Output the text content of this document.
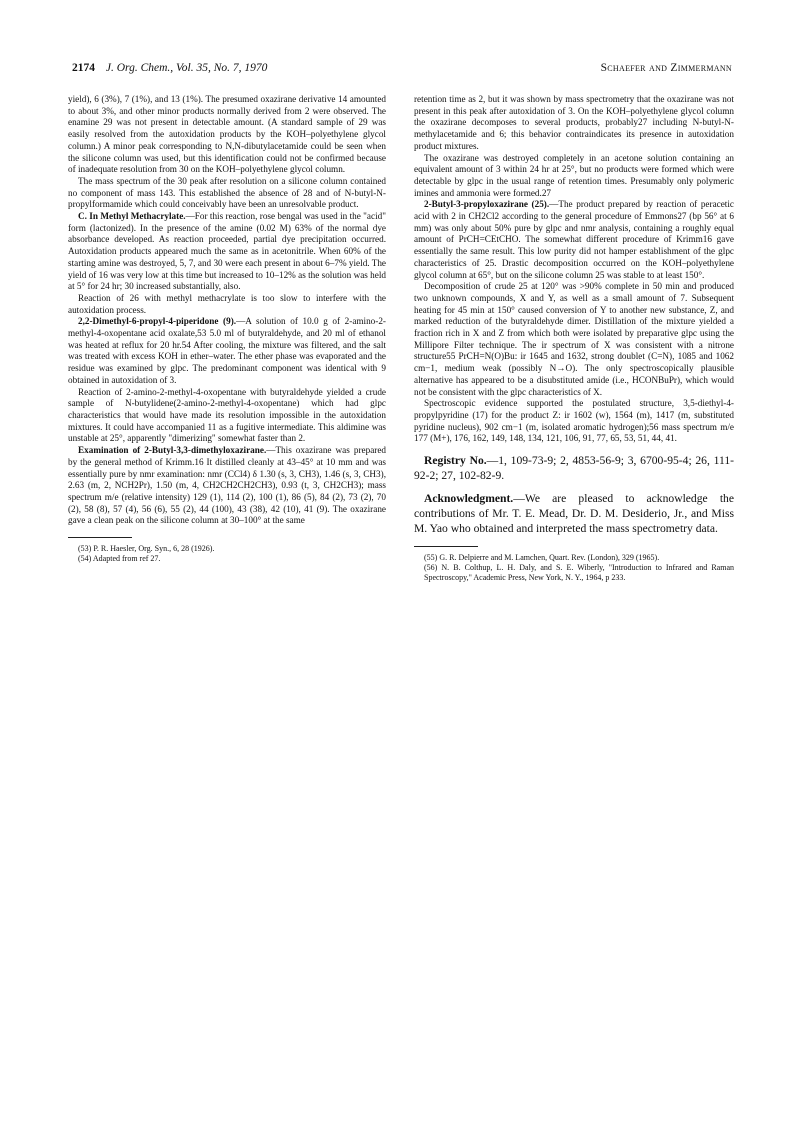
2174 J. Org. Chem., Vol. 35, No. 7, 1970	Schaefer and Zimmermann

yield), 6 (3%), 7 (1%), and 13 (1%). The presumed oxazirane derivative 14 amounted to about 3%, and other minor products normally derived from 2 were observed. The enamine 29 was not present in detectable amount. (A standard sample of 29 was easily resolved from the autoxidation products by the KOH–polyethylene glycol column.) A minor peak corresponding to N,N-dibutylacetamide could be seen when the silicone column was used, but this identification could not be confirmed because of inadequate resolution from 30 on the KOH–polyethylene glycol column.

The mass spectrum of the 30 peak after resolution on a silicone column contained no component of mass 143. This established the absence of 28 and of N-butyl-N-propylformamide which could conceivably have been an unresolvable product.

C. In Methyl Methacrylate.—For this reaction, rose bengal was used in the "acid" form (lactonized). In the presence of the amine (0.02 M) 63% of the normal dye absorbance developed. As reaction proceeded, partial dye precipitation occurred. Autoxidation products appeared much the same as in acetonitrile. When 60% of the starting amine was destroyed, 5, 7, and 30 were each present in about 6–7% yield. The yield of 16 was very low at this time but increased to 10–12% as the solution was held at 5° for 24 hr; 30 increased substantially, also.

Reaction of 26 with methyl methacrylate is too slow to interfere with the autoxidation process.

2,2-Dimethyl-6-propyl-4-piperidone (9).—A solution of 10.0 g of 2-amino-2-methyl-4-oxopentane acid oxalate,53 5.0 ml of butyraldehyde, and 20 ml of ethanol was heated at reflux for 20 hr.54 After cooling, the mixture was filtered, and the salt was treated with excess KOH in ether–water. The ether phase was evaporated and the residue was examined by glpc. The predominant component was identical with 9 obtained in autoxidation of 3.

Reaction of 2-amino-2-methyl-4-oxopentane with butyraldehyde yielded a crude sample of N-butylidene(2-amino-2-methyl-4-oxopentane) which had glpc characteristics that would have made its resolution impossible in the autoxidation mixtures. It could have accompanied 11 as a fugitive intermediate. This aldimine was unstable at 25°, apparently "dimerizing" somewhat faster than 2.

Examination of 2-Butyl-3,3-dimethyloxazirane.—This oxazirane was prepared by the general method of Krimm.16 It distilled cleanly at 43–45° at 10 mm and was essentially pure by nmr examination: nmr (CCl4) δ 1.30 (s, 3, CH3), 1.46 (s, 3, CH3), 2.63 (m, 2, NCH2Pr), 1.50 (m, 4, CH2CH2CH2CH3), 0.93 (t, 3, CH2CH3); mass spectrum m/e (relative intensity) 129 (1), 114 (2), 100 (1), 86 (5), 84 (2), 73 (2), 70 (2), 58 (8), 57 (4), 56 (6), 55 (2), 44 (100), 43 (38), 42 (10), 41 (9). The oxazirane gave a clean peak on the silicone column at 30–100° at the same

(53) P. R. Haesler, Org. Syn., 6, 28 (1926).

(54) Adapted from ref 27.

retention time as 2, but it was shown by mass spectrometry that the oxazirane was not present in this peak after autoxidation of 3. On the KOH–polyethylene glycol column the oxazirane decomposes to several products, probably27 including N-butyl-N-methylacetamide and 6; this behavior contraindicates its presence in autoxidation product mixtures.

The oxazirane was destroyed completely in an acetone solution containing an equivalent amount of 3 within 24 hr at 25°, but no products were formed which were detectable by glpc in the usual range of retention times. Presumably only polymeric imines and ammonia were formed.27

2-Butyl-3-propyloxazirane (25).—The product prepared by reaction of peracetic acid with 2 in CH2Cl2 according to the general procedure of Emmons27 (bp 56° at 6 mm) was only about 50% pure by glpc and nmr analysis, containing a roughly equal amount of PrCH=CEtCHO. The somewhat different procedure of Krimm16 gave essentially the same result. This low purity did not hamper establishment of the glpc characteristics of 25. Drastic decomposition occurred on the KOH–polyethylene glycol column at 65°, but on the silicone column 25 was stable to at least 150°.

Decomposition of crude 25 at 120° was >90% complete in 50 min and produced two unknown compounds, X and Y, as well as a small amount of 7. Subsequent heating for 45 min at 150° caused conversion of Y to another new substance, Z, and marked reduction of the butyraldehyde dimer. Distillation of the mixture yielded a fraction rich in X and Z from which both were isolated by preparative glpc using the Millipore Filter technique. The ir spectrum of X was consistent with a nitrone structure55 PrCH=N(O)Bu: ir 1645 and 1632, strong doublet (C=N), 1085 and 1062 cm−1, medium weak (possibly N→O). The only spectroscopically plausible alternative has appeared to be a disubstituted amide (i.e., HCONBuPr), which would not be consistent with the glpc characteristics of X.

Spectroscopic evidence supported the postulated structure, 3,5-diethyl-4-propylpyridine (17) for the product Z: ir 1602 (w), 1564 (m), 1417 (m, substituted pyridine nucleus), 902 cm−1 (m, isolated aromatic hydrogen);56 mass spectrum m/e 177 (M+), 176, 162, 149, 148, 134, 121, 106, 91, 77, 65, 53, 51, 44, 41.

Registry No.—1, 109-73-9; 2, 4853-56-9; 3, 6700-95-4; 26, 111-92-2; 27, 102-82-9.

Acknowledgment.—We are pleased to acknowledge the contributions of Mr. T. E. Mead, Dr. D. M. Desiderio, Jr., and Miss M. Yao who obtained and interpreted the mass spectrometry data.

(55) G. R. Delpierre and M. Lamchen, Quart. Rev. (London), 329 (1965).

(56) N. B. Colthup, L. H. Daly, and S. E. Wiberly, "Introduction to Infrared and Raman Spectroscopy," Academic Press, New York, N. Y., 1964, p 233.
